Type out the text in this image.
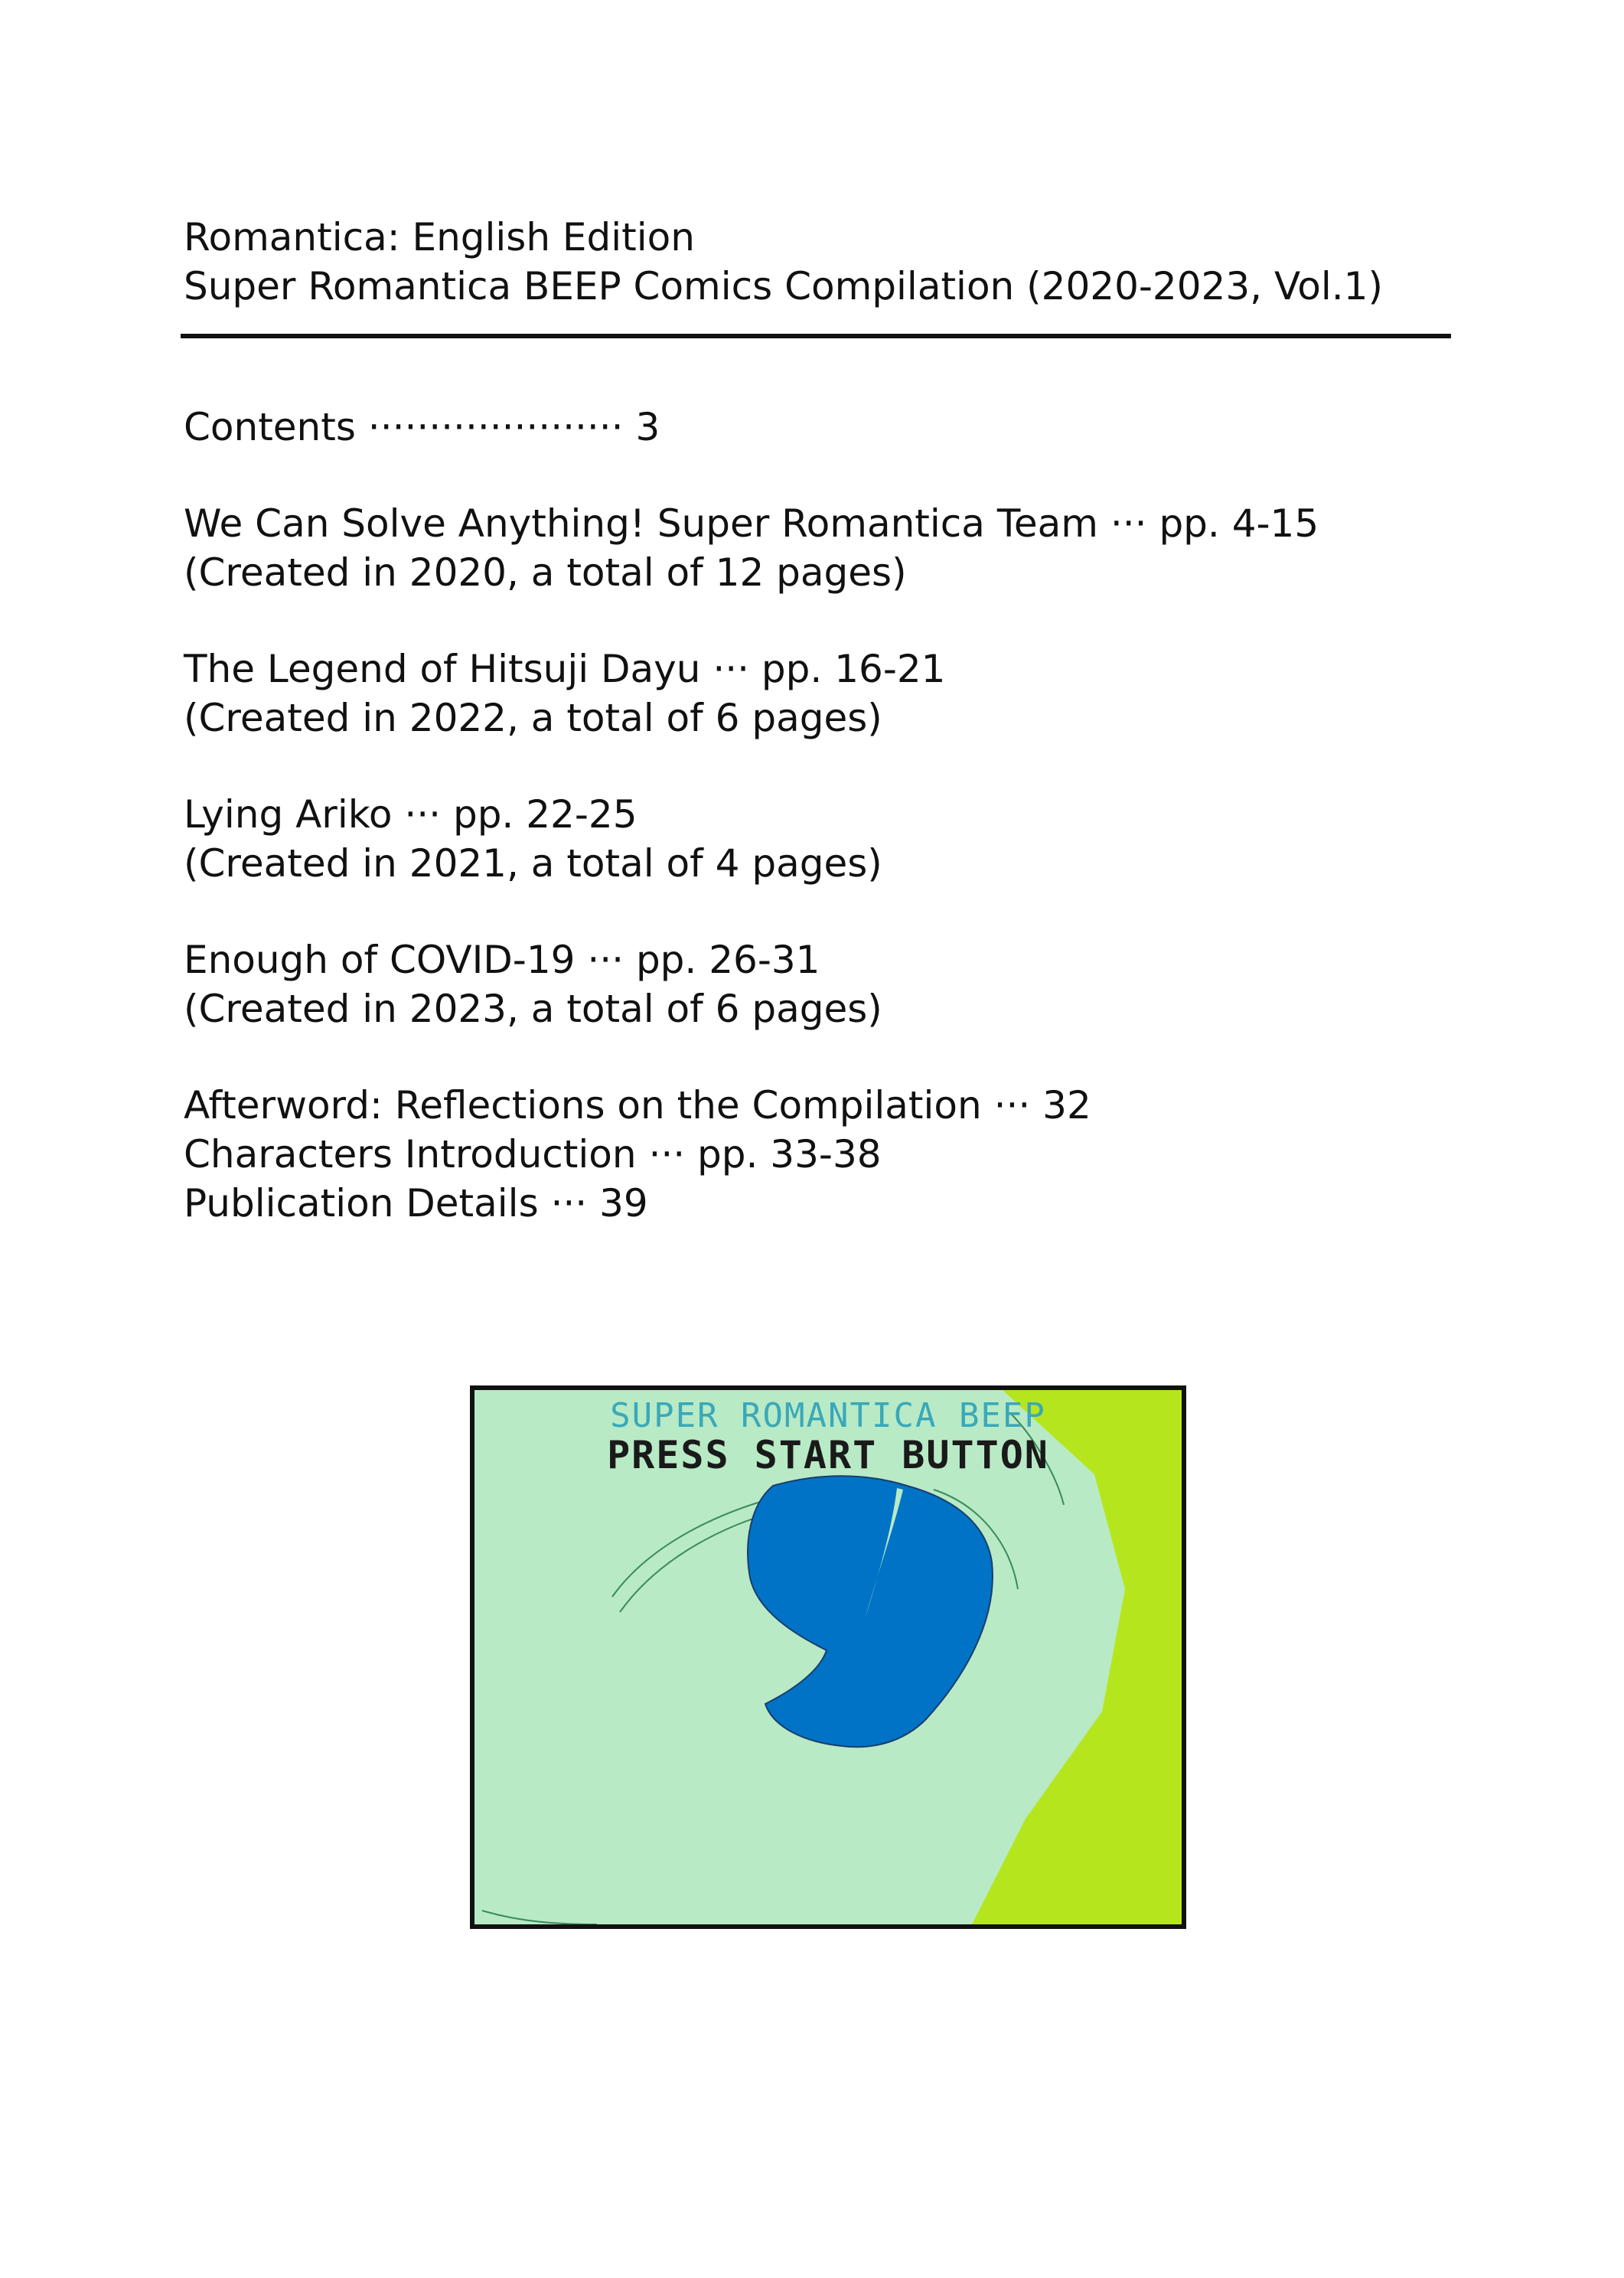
Romantica: English Edition
Super Romantica BEEP Comics Compilation (2020-2023, Vol.1)
Contents ····················· 3
We Can Solve Anything! Super Romantica Team ··· pp. 4-15
(Created in 2020, a total of 12 pages)
The Legend of Hitsuji Dayu ··· pp. 16-21
(Created in 2022, a total of 6 pages)
Lying Ariko ··· pp. 22-25
(Created in 2021, a total of 4 pages)
Enough of COVID-19 ··· pp. 26-31
(Created in 2023, a total of 6 pages)
Afterword: Reflections on the Compilation ··· 32
Characters Introduction ··· pp. 33-38
Publication Details ··· 39
SUPER ROMANTICA BEEP
PRESS START BUTTON
